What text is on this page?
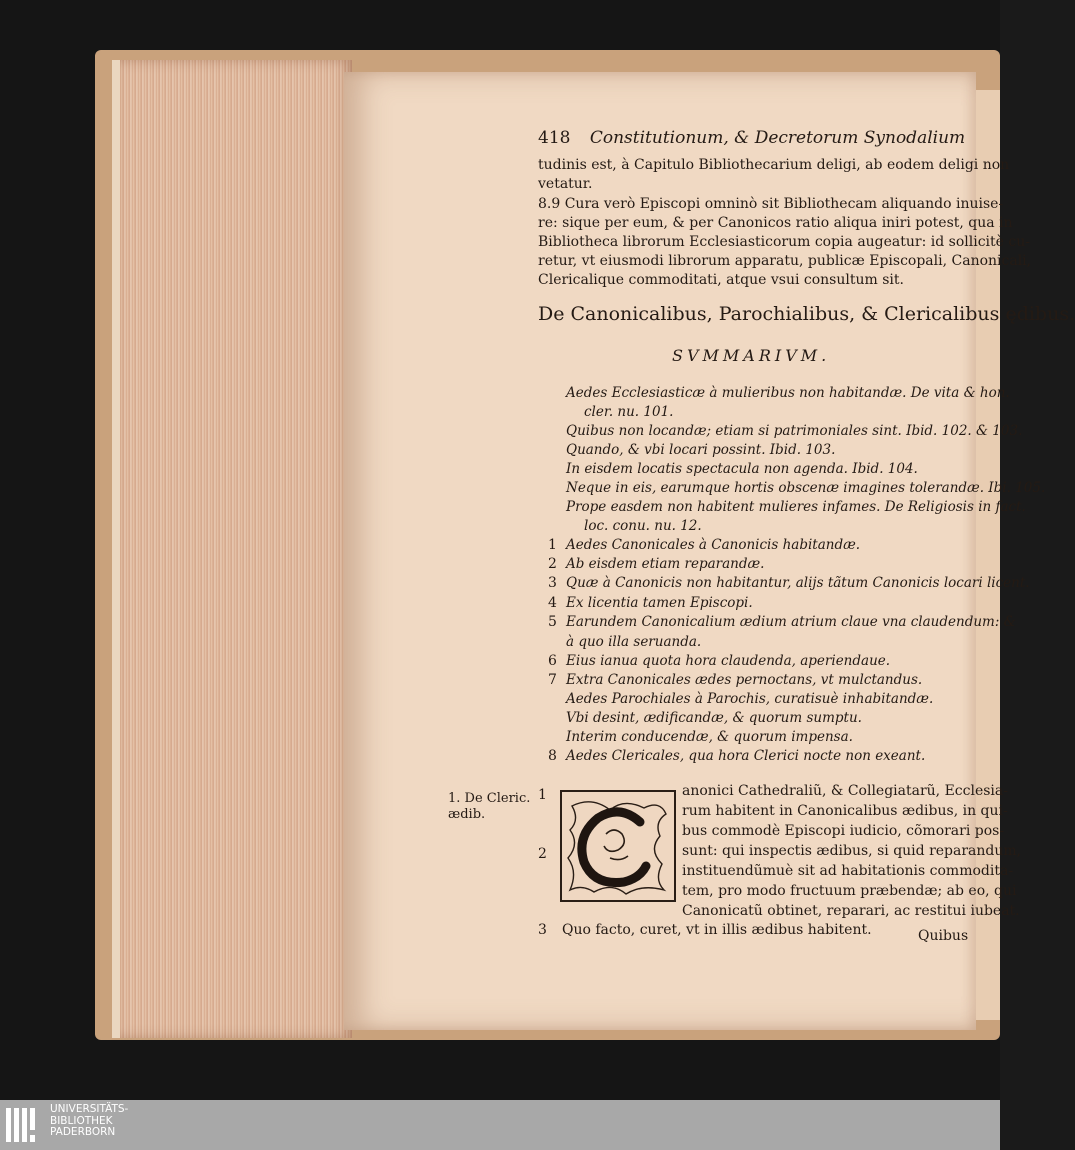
418 Constitutionum, & Decretorum Synodalium
tudinis est, à Capitulo Bibliothecarium deligi, ab eodem deligi non
vetatur.
8.9 Cura verò Episcopi omninò sit Bibliothecam aliquando inuise-
re: sique per eum, & per Canonicos ratio aliqua iniri potest, qua in
Bibliotheca librorum Ecclesiasticorum copia augeatur: id sollicitè cu-
retur, vt eiusmodi librorum apparatu, publicæ Episcopali, Canonicali,
Clericalique commoditati, atque vsui consultum sit.
De Canonicalibus, Parochialibus, & Clericalibus ędibus.
SVMMARIVM.
Aedes Ecclesiasticæ à mulieribus non habitandæ. De vita & hon.
cler. nu. 101.
Quibus non locandæ; etiam si patrimoniales sint. Ibid. 102. & 103.
Quando, & vbi locari possint. Ibid. 103.
In eisdem locatis spectacula non agenda. Ibid. 104.
Neque in eis, earumque hortis obscenæ imagines tolerandæ. Ibi. 105.
Prope easdem non habitent mulieres infames. De Religiosis in fact.
loc. conu. nu. 12.
1 Aedes Canonicales à Canonicis habitandæ.
2 Ab eisdem etiam reparandæ.
3 Quæ à Canonicis non habitantur, alijs tãtum Canonicis locari licent.
4 Ex licentia tamen Episcopi.
5 Earundem Canonicalium ædium atrium claue vna claudendum: &
à quo illa seruanda.
6 Eius ianua quota hora claudenda, aperiendaue.
7 Extra Canonicales ædes pernoctans, vt mulctandus.
Aedes Parochiales à Parochis, curatisuè inhabitandæ.
Vbi desint, ædificandæ, & quorum sumptu.
Interim conducendæ, & quorum impensa.
8 Aedes Clericales, qua hora Clerici nocte non exeant.
1. De Cleric.
ædib.
1
2
anonici Cathedraliũ, & Collegiatarũ, Ecclesia-
rum habitent in Canonicalibus ædibus, in qui-
bus commodè Episcopi iudicio, cõmorari pos-
sunt: qui inspectis ædibus, si quid reparandum,
instituendũmuè sit ad habitationis commodita-
tem, pro modo fructuum præbendæ; ab eo, qui
Canonicatũ obtinet, reparari, ac restitui iubeat.
3 Quo facto, curet, vt in illis ædibus habitent.	Quibus
UNIVERSITÄTS-
BIBLIOTHEK
PADERBORN
